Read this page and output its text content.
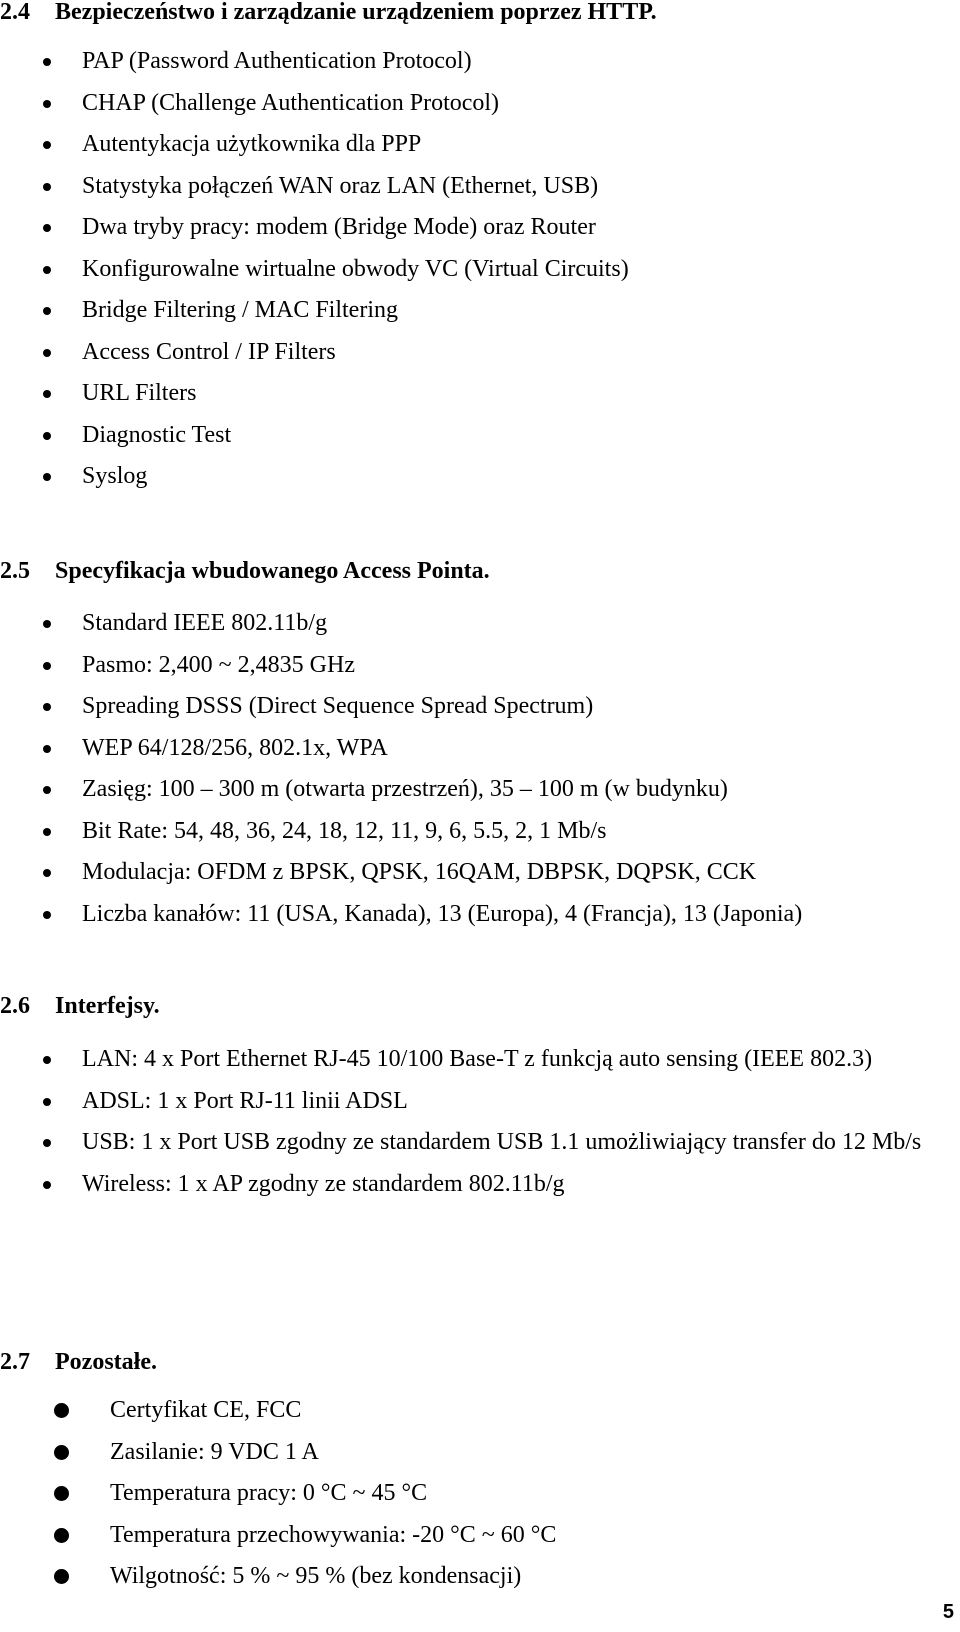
2.4 Bezpieczeństwo i zarządzanie urządzeniem poprzez HTTP.
PAP (Password Authentication Protocol)
CHAP (Challenge Authentication Protocol)
Autentykacja użytkownika dla PPP
Statystyka połączeń WAN oraz LAN (Ethernet, USB)
Dwa tryby pracy: modem (Bridge Mode) oraz Router
Konfigurowalne wirtualne obwody VC (Virtual Circuits)
Bridge Filtering / MAC Filtering
Access Control / IP Filters
URL Filters
Diagnostic Test
Syslog
2.5 Specyfikacja wbudowanego Access Pointa.
Standard IEEE 802.11b/g
Pasmo: 2,400 ~ 2,4835 GHz
Spreading DSSS (Direct Sequence Spread Spectrum)
WEP 64/128/256, 802.1x, WPA
Zasięg: 100 – 300 m (otwarta przestrzeń), 35 – 100 m (w budynku)
Bit Rate: 54, 48, 36, 24, 18, 12, 11, 9, 6, 5.5, 2, 1 Mb/s
Modulacja: OFDM z BPSK, QPSK, 16QAM, DBPSK, DQPSK, CCK
Liczba kanałów: 11 (USA, Kanada), 13 (Europa), 4 (Francja), 13 (Japonia)
2.6 Interfejsy.
LAN: 4 x Port Ethernet RJ-45 10/100 Base-T z funkcją auto sensing (IEEE 802.3)
ADSL: 1 x Port RJ-11 linii ADSL
USB: 1 x Port USB zgodny ze standardem USB 1.1 umożliwiający transfer do 12 Mb/s
Wireless: 1 x AP zgodny ze standardem 802.11b/g
2.7 Pozostałe.
Certyfikat CE, FCC
Zasilanie: 9 VDC 1 A
Temperatura pracy: 0 °C ~ 45 °C
Temperatura przechowywania: -20 °C ~ 60 °C
Wilgotność: 5 % ~ 95 % (bez kondensacji)
5
